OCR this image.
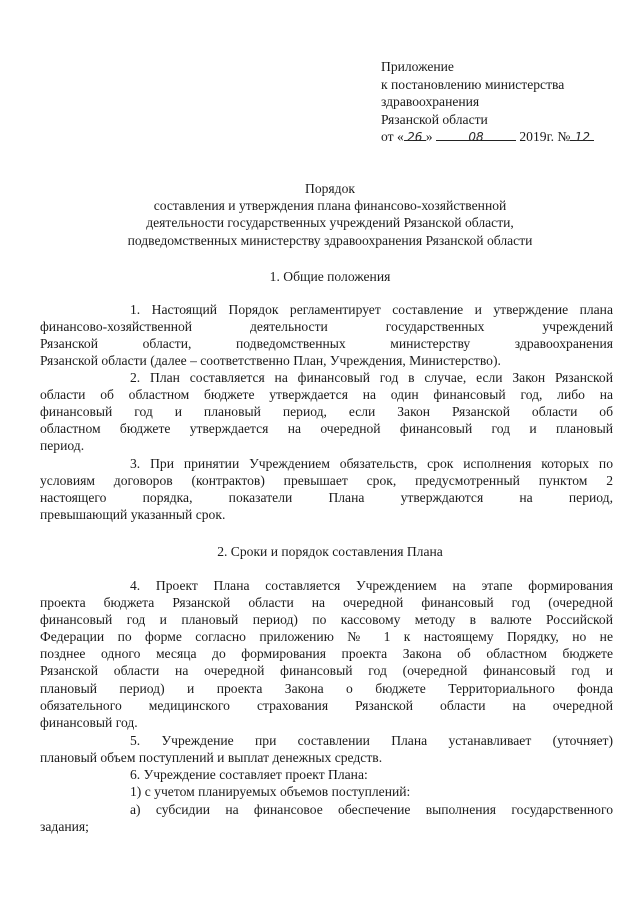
Приложение
к постановлению министерства
здравоохранения
Рязанской области
от « 26 »	08	2019г. № 12
Порядок
составления и утверждения плана финансово-хозяйственной
деятельности государственных учреждений Рязанской области,
подведомственных министерству здравоохранения Рязанской области
1. Общие положения
1. Настоящий Порядок регламентирует составление и утверждение плана
финансово-хозяйственной деятельности государственных учреждений
Рязанской области, подведомственных министерству здравоохранения
Рязанской области (далее – соответственно План, Учреждения, Министерство).
2. План составляется на финансовый год в случае, если Закон Рязанской
области об областном бюджете утверждается на один финансовый год, либо на
финансовый год и плановый период, если Закон Рязанской области об
областном бюджете утверждается на очередной финансовый год и плановый
период.
3. При принятии Учреждением обязательств, срок исполнения которых по
условиям договоров (контрактов) превышает срок, предусмотренный пунктом 2
настоящего порядка, показатели Плана утверждаются на период,
превышающий указанный срок.
2. Сроки и порядок составления Плана
4. Проект Плана составляется Учреждением на этапе формирования
проекта бюджета Рязанской области на очередной финансовый год (очередной
финансовый год и плановый период) по кассовому методу в валюте Российской
Федерации по форме согласно приложению № 1 к настоящему Порядку, но не
позднее одного месяца до формирования проекта Закона об областном бюджете
Рязанской области на очередной финансовый год (очередной финансовый год и
плановый период) и проекта Закона о бюджете Территориального фонда
обязательного медицинского страхования Рязанской области на очередной
финансовый год.
5. Учреждение при составлении Плана устанавливает (уточняет)
плановый объем поступлений и выплат денежных средств.
6. Учреждение составляет проект Плана:
1) с учетом планируемых объемов поступлений:
а) субсидии на финансовое обеспечение выполнения государственного
задания;
